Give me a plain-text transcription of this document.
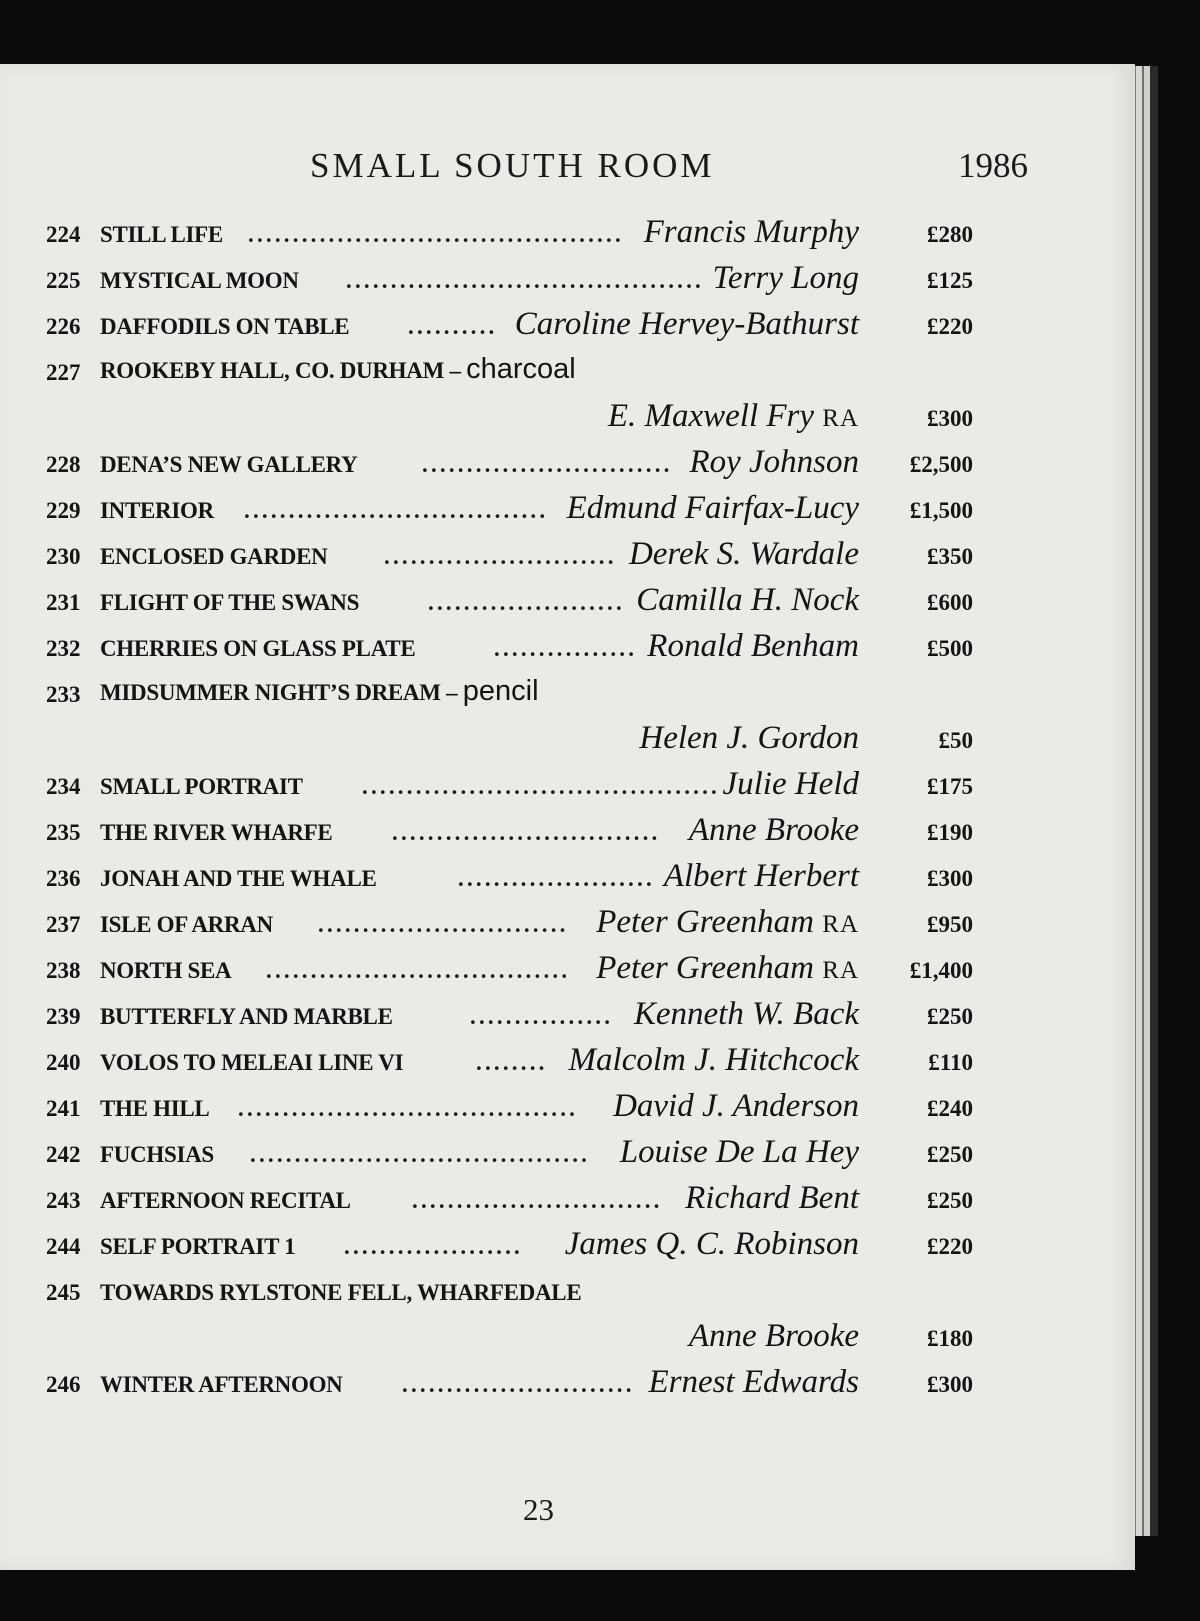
SMALL SOUTH ROOM	1986
224 STILL LIFE .......................................... Francis Murphy	£280
225 MYSTICAL MOON ........................................ Terry Long	£125
226 DAFFODILS ON TABLE	.......... Caroline Hervey-Bathurst	£220
227 ROOKEBY HALL, CO. DURHAM – charcoal
E. Maxwell Fry RA	£300
228 DENA’S NEW GALLERY	............................ Roy Johnson £2,500
229 INTERIOR .................................. Edmund Fairfax-Lucy £1,500
230 ENCLOSED GARDEN .......................... Derek S. Wardale	£350
231 FLIGHT OF THE SWANS	...................... Camilla H. Nock	£600
232 CHERRIES ON GLASS PLATE	................ Ronald Benham	£500
233 MIDSUMMER NIGHT’S DREAM – pencil
Helen J. Gordon	£50
234 SMALL PORTRAIT	........................................ Julie Held	£175
235 THE RIVER WHARFE	.............................. Anne Brooke	£190
236 JONAH AND THE WHALE	...................... Albert Herbert	£300
237 ISLE OF ARRAN ............................ Peter Greenham RA	£950
238 NORTH SEA .................................. Peter Greenham RA £1,400
239 BUTTERFLY AND MARBLE	................ Kenneth W. Back	£250
240 VOLOS TO MELEAI LINE VI	........ Malcolm J. Hitchcock	£110
241 THE HILL ......................................	David J. Anderson	£240
242 FUCHSIAS ...................................... Louise De La Hey	£250
243 AFTERNOON RECITAL	............................ Richard Bent	£250
244 SELF PORTRAIT 1 ....................	James Q. C. Robinson	£220
245 TOWARDS RYLSTONE FELL, WHARFEDALE
Anne Brooke	£180
246 WINTER AFTERNOON	.......................... Ernest Edwards	£300
23
